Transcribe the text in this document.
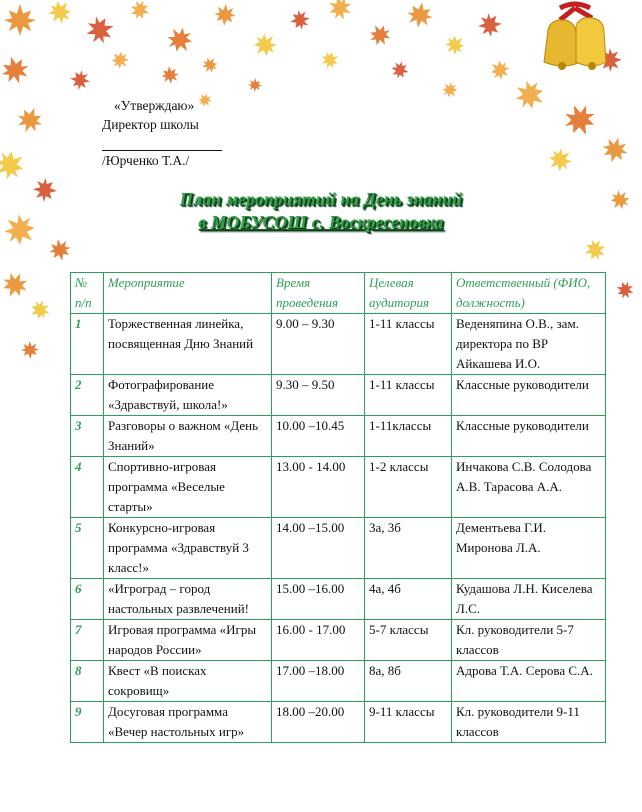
«Утверждаю»
Директор школы
/Юрченко Т.А./
План мероприятий на День знаний
в МОБУСОШ с. Воскресеновка
№ п/п	Мероприятие	Время проведения	Целевая аудитория	Ответственный (ФИО, должность)
1	Торжественная линейка, посвященная Дню Знаний	9.00 – 9.30	1-11 классы	Веденяпина О.В., зам. директора по ВР Айкашева И.О.
2	Фотографирование «Здравствуй, школа!»	9.30 – 9.50	1-11 классы	Классные руководители
3	Разговоры о важном «День Знаний»	10.00 –10.45	1-11классы	Классные руководители
4	Спортивно-игровая программа «Веселые старты»	13.00 - 14.00	1-2 классы	Инчакова С.В. Солодова А.В. Тарасова А.А.
5	Конкурсно-игровая программа «Здравствуй 3 класс!»	14.00 –15.00	3а, 3б	Дементьева Г.И. Миронова Л.А.
6	«Игроград – город настольных развлечений!	15.00 –16.00	4а, 4б	Кудашова Л.Н. Киселева Л.С.
7	Игровая программа «Игры народов России»	16.00 - 17.00	5-7 классы	Кл. руководители 5-7 классов
8	Квест «В поисках сокровищ»	17.00 –18.00	8а, 8б	Адрова Т.А. Серова С.А.
9	Досуговая программа «Вечер настольных игр»	18.00 –20.00	9-11 классы	Кл. руководители 9-11 классов
